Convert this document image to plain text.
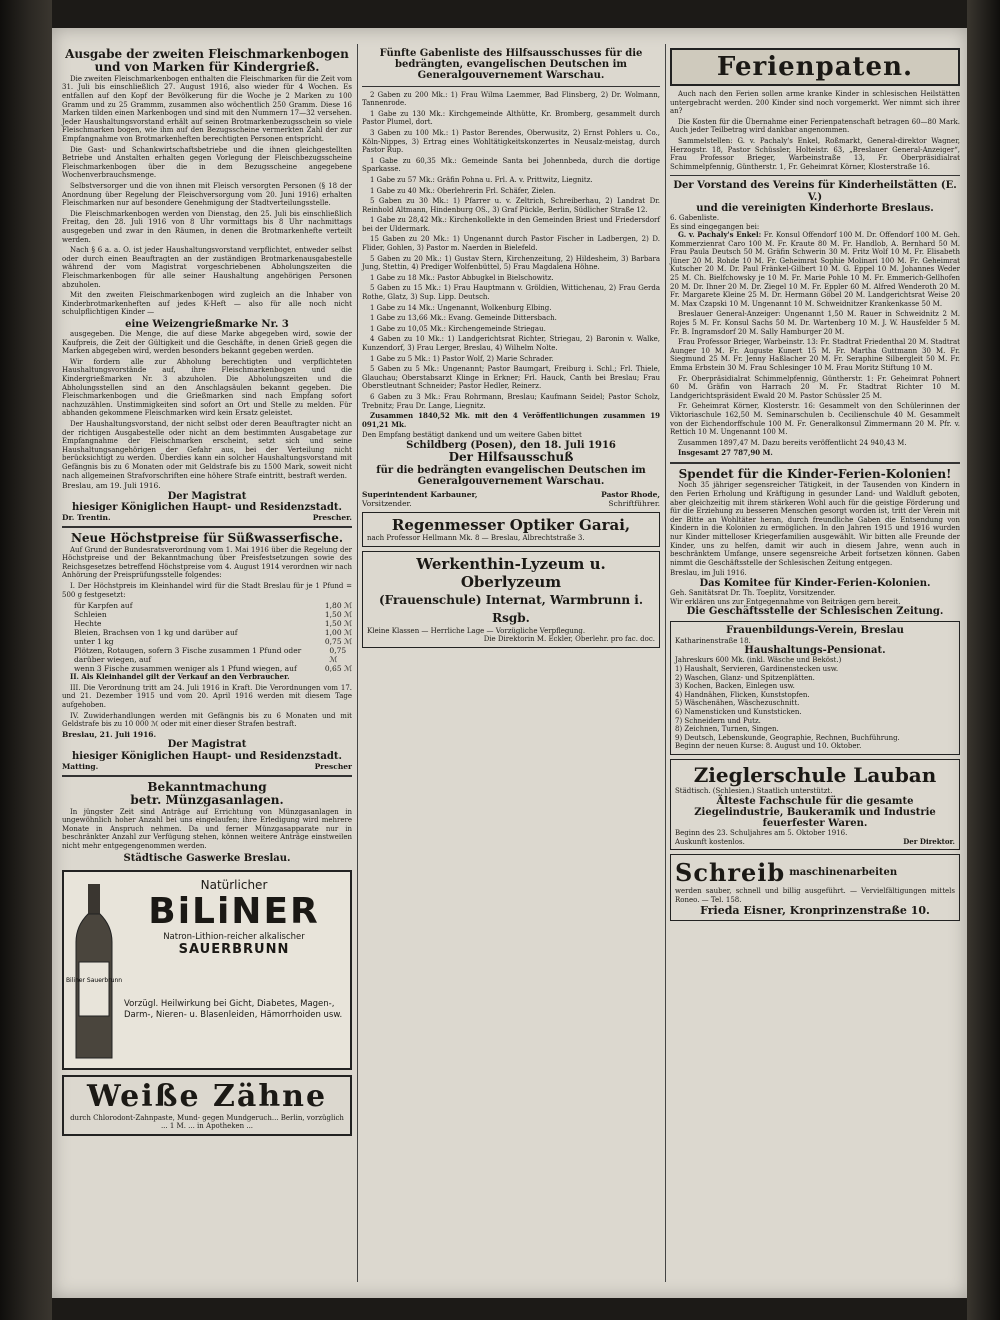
Ausgabe der zweiten Fleischmarkenbogen und von Marken für Kindergrieß.

Die zweiten Fleischmarkenbogen enthalten die Fleischmarken für die Zeit vom 31. Juli bis einschließlich 27. August 1916, also wieder für 4 Wochen. Es entfallen auf den Kopf der Bevölkerung für die Woche je 2 Marken zu 100 Gramm und zu 25 Grammm, zusammen also wöchentlich 250 Gramm. Diese 16 Marken tilden einen Markenbogen und sind mit den Nummern 17—32 versehen. Jeder Haushaltungsvorstand erhält auf seinen Brotmarkenbezugsschein so viele Fleischmarken bogen, wie ihm auf den Bezugsscheine vermerkten Zahl der zur Empfangnahme von Brotmarkenheften berechtigten Personen entspricht.

Die Gast- und Schankwirtschaftsbetriebe und die ihnen gleichgestellten Betriebe und Anstalten erhalten gegen Vorlegung der Fleischbezugsscheine Fleischmarkenbogen über die in dem Bezugsscheine angegebene Wochenverbrauchsmenge.

Selbstversorger und die von ihnen mit Fleisch versorgten Personen (§ 18 der Anordnung über Regelung der Fleischversorgung vom 20. Juni 1916) erhalten Fleischmarken nur auf besondere Genehmigung der Stadtverteilungsstelle.

Die Fleischmarkenbogen werden von Dienstag, den 25. Juli bis einschließlich Freitag, den 28. Juli 1916 von 8 Uhr vormittags bis 8 Uhr nachmittags ausgegeben und zwar in den Räumen, in denen die Brotmarkenhefte verteilt werden.

Nach § 6 a. a. O. ist jeder Haushaltungsvorstand verpflichtet, entweder selbst oder durch einen Beauftragten an der zuständigen Brotmarkenausgabestelle während der vom Magistrat vorgeschriebenen Abholungszeiten die Fleischmarkenbogen für alle seiner Haushaltung angehörigen Personen abzuholen.

Mit den zweiten Fleischmarkenbogen wird zugleich an die Inhaber von Kinderbrotmarkenheften auf jedes K-Heft — also für alle noch nicht schulpflichtigen Kinder —

eine Weizengrießmarke Nr. 3

ausgegeben. Die Menge, die auf diese Marke abgegeben wird, sowie der Kaufpreis, die Zeit der Gültigkeit und die Geschäfte, in denen Grieß gegen die Marken abgegeben wird, werden besonders bekannt gegeben werden.

Wir fordern alle zur Abholung berechtigten und verpflichteten Haushaltungsvorstände auf, ihre Fleischmarkenbogen und die Kindergrießmarken Nr. 3 abzuholen. Die Abholungszeiten und die Abholungsstellen sind an den Anschlagsäulen bekannt gegeben. Die Fleischmarkenbogen und die Grießmarken sind nach Empfang sofort nachzuzählen. Unstimmigkeiten sind sofort an Ort und Stelle zu melden. Für abhanden gekommene Fleischmarken wird kein Ersatz geleistet.

Der Haushaltungsvorstand, der nicht selbst oder deren Beauftragter nicht an der richtigen Ausgabestelle oder nicht an dem bestimmten Ausgabetage zur Empfangnahme der Fleischmarken erscheint, setzt sich und seine Haushaltungsangehörigen der Gefahr aus, bei der Verteilung nicht berücksichtigt zu werden. Überdies kann ein solcher Haushaltungsvorstand mit Gefängnis bis zu 6 Monaten oder mit Geldstrafe bis zu 1500 Mark, soweit nicht nach allgemeinen Strafvorschriften eine höhere Strafe eintritt, bestraft werden.

Breslau, am 19. Juli 1916.
Der Magistrat
hiesiger Königlichen Haupt- und Residenzstadt.
Dr. Trentin.	Prescher.
Neue Höchstpreise für Süßwasserfische.

Auf Grund der Bundesratsverordnung vom 1. Mai 1916 über die Regelung der Höchstpreise und der Bekanntmachung über Preisfestsetzungen sowie des Reichsgesetzes betreffend Höchstpreise vom 4. August 1914 verordnen wir nach Anhörung der Preisprüfungsstelle folgendes:

I. Der Höchstpreis im Kleinhandel wird für die Stadt Breslau für je 1 Pfund = 500 g festgesetzt:

für Karpfen auf	1,80 ℳ
Schleien	1,50 ℳ
Hechte	1,50 ℳ
Bleien, Brachsen von 1 kg und darüber auf	1,00 ℳ
unter 1 kg	0,75 ℳ
Plötzen, Rotaugen, sofern 3 Fische zusammen 1 Pfund oder darüber wiegen, auf
0,75 ℳ
wenn 3 Fische zusammen weniger als 1 Pfund wiegen, auf	0,65 ℳ

II. Als Kleinhandel gilt der Verkauf an den Verbraucher.

III. Die Verordnung tritt am 24. Juli 1916 in Kraft. Die Verordnungen vom 17. und 21. Dezember 1915 und vom 20. April 1916 werden mit diesem Tage aufgehoben.

IV. Zuwiderhandlungen werden mit Gefängnis bis zu 6 Monaten und mit Geldstrafe bis zu 10 000 ℳ oder mit einer dieser Strafen bestraft.

Breslau, 21. Juli 1916.
Der Magistrat
hiesiger Königlichen Haupt- und Residenzstadt.
Matting.	Prescher
Bekanntmachung
betr. Münzgasanlagen.

In jüngster Zeit sind Anträge auf Errichtung von Münzgasanlagen in ungewöhnlich hoher Anzahl bei uns eingelaufen; ihre Erledigung wird mehrere Monate in Anspruch nehmen. Da und ferner Münzgasapparate nur in beschränkter Anzahl zur Verfügung stehen, können weitere Anträge einstweilen nicht mehr entgegengenommen werden.

Städtische Gaswerke Breslau.
Biliner Sauerbrunn
Natürlicher
BiLiNER
Natron-Lithion-reicher alkalischer
SAUERBRUNN
Vorzügl. Heilwirkung bei Gicht, Diabetes, Magen-, Darm-, Nieren- u. Blasenleiden, Hämorrhoiden usw.
Weiße Zähne
durch Chlorodont-Zahnpaste, Mund- gegen Mundgeruch... Berlin, vorzüglich ... 1 M. ... in Apotheken ...
Fünfte Gabenliste des Hilfsausschusses für die bedrängten, evangelischen Deutschen im Generalgouvernement Warschau.

2 Gaben zu 200 Mk.: 1) Frau Wilma Laemmer, Bad Flinsberg, 2) Dr. Wolmann, Tannenrode.

1 Gabe zu 130 Mk.: Kirchgemeinde Althütte, Kr. Bromberg, gesammelt durch Pastor Plumel, dort.

3 Gaben zu 100 Mk.: 1) Pastor Berendes, Oberwusitz, 2) Ernst Pohlers u. Co., Köln-Nippes, 3) Ertrag eines Wohltätigkeitskonzertes in Neusalz-meistag, durch Pastor Rup.

1 Gabe zu 60,35 Mk.: Gemeinde Santa bei Johennbeda, durch die dortige Sparkasse.

1 Gabe zu 57 Mk.: Gräfin Pohna u. Frl. A. v. Prittwitz, Liegnitz.

1 Gabe zu 40 Mk.: Oberlehrerin Frl. Schäfer, Zielen.

5 Gaben zu 30 Mk.: 1) Pfarrer u. v. Zeltrich, Schreiberhau, 2) Landrat Dr. Reinhold Altmann, Hindenburg OS., 3) Graf Pückle, Berlin, Südlicher Straße 12.

1 Gabe zu 28,42 Mk.: Kirchenkollekte in den Gemeinden Briest und Friedersdorf bei der Uldermark.

15 Gaben zu 20 Mk.: 1) Ungenannt durch Pastor Fischer in Ladbergen, 2) D. Flider, Gohlen, 3) Pastor m. Naerden in Bielefeld.

5 Gaben zu 20 Mk.: 1) Gustav Stern, Kirchenzeitung, 2) Hildesheim, 3) Barbara Jung, Stettin, 4) Prediger Wolfenbüttel, 5) Frau Magdalena Höhne.

1 Gabe zu 18 Mk.: Pastor Abbugkel in Bielschowitz.

5 Gaben zu 15 Mk.: 1) Frau Hauptmann v. Gröldien, Wittichenau, 2) Frau Gerda Rothe, Glatz, 3) Sup. Lipp. Deutsch.

1 Gabe zu 14 Mk.: Ungenannt, Wolkenburg Elbing.

1 Gabe zu 13,66 Mk.: Evang. Gemeinde Dittersbach.

1 Gabe zu 10,05 Mk.: Kirchengemeinde Striegau.

4 Gaben zu 10 Mk.: 1) Landgerichtsrat Richter, Striegau, 2) Baronin v. Walke, Kunzendorf, 3) Frau Lerger, Breslau, 4) Wilhelm Nolte.

1 Gabe zu 5 Mk.: 1) Pastor Wolf, 2) Marie Schrader.

5 Gaben zu 5 Mk.: Ungenannt; Pastor Baumgart, Freiburg i. Schl.; Frl. Thiele, Glauchau; Oberstabsarzt Klinge in Erkner; Frl. Hauck, Canth bei Breslau; Frau Oberstleutnant Schneider; Pastor Hedler, Reinerz.

6 Gaben zu 3 Mk.: Frau Rohrmann, Breslau; Kaufmann Seidel; Pastor Scholz, Trebnitz; Frau Dr. Lange, Liegnitz.

Zusammen 1840,52 Mk. mit den 4 Veröffentlichungen zusammen 19 091,21 Mk.

Den Empfang bestätigt dankend und um weitere Gaben bittet
Schildberg (Posen), den 18. Juli 1916
Der Hilfsausschuß
für die bedrängten evangelischen Deutschen im Generalgouvernement Warschau.
Superintendent Karbauner,
Vorsitzender.
Pastor Rhode,
Schriftführer.
Regenmesser Optiker Garai,
nach Professor Hellmann Mk. 8 — Breslau, Albrechtstraße 3.
Werkenthin-Lyzeum u. Oberlyzeum
(Frauenschule) Internat, Warmbrunn i. Rsgb.
Kleine Klassen — Herrliche Lage — Vorzügliche Verpflegung.
Die Direktorin M. Eckler, Oberlehr. pro fac. doc.
Ferienpaten.

Auch nach den Ferien sollen arme kranke Kinder in schlesischen Heilstätten untergebracht werden. 200 Kinder sind noch vorgemerkt. Wer nimmt sich ihrer an?

Die Kosten für die Übernahme einer Ferienpatenschaft betragen 60—80 Mark. Auch jeder Teilbetrag wird dankbar angenommen.

Sammelstellen: G. v. Pachaly's Enkel, Roßmarkt, General-direktor Wagner, Herzogstr. 18, Pastor Schüssler, Holteistr. 63, „Breslauer General-Anzeiger“, Frau Professor Brieger, Warbeinstraße 13, Fr. Oberpräsidialrat Schimmelpfennig, Güntherstr. 1, Fr. Geheimrat Körner, Klosterstraße 16.

Der Vorstand des Vereins für Kinderheilstätten (E. V.)
und die vereinigten Kinderhorte Breslaus.
6. Gabenliste.
Es sind eingegangen bei:

G. v. Pachaly's Enkel: Fr. Konsul Offendorf 100 M. Dr. Offendorf 100 M. Geh. Kommerzienrat Caro 100 M. Fr. Kraute 80 M. Fr. Handlob, A. Bernhard 50 M. Frau Paula Deutsch 50 M. Gräfin Schwerin 30 M. Fritz Wolf 10 M. Fr. Elisabeth Jüner 20 M. Rohde 10 M. Fr. Geheimrat Sophie Molinari 100 M. Fr. Geheimrat Kutscher 20 M. Dr. Paul Fränkel-Gilbert 10 M. G. Eppel 10 M. Johannes Weder 25 M. Ch. Bielfchowsky je 10 M. Fr. Marie Pohle 10 M. Fr. Emmerich-Gellhofen 20 M. Dr. Ihner 20 M. Dr. Ziegel 10 M. Fr. Eppler 60 M. Alfred Wenderoth 20 M. Fr. Margarete Kleine 25 M. Dr. Hermann Göbel 20 M. Landgerichtsrat Weise 20 M. Max Czapski 10 M. Ungenannt 10 M. Schweidnitzer Krankenkasse 50 M.

Breslauer General-Anzeiger: Ungenannt 1,50 M. Rauer in Schweidnitz 2 M. Rojes 5 M. Fr. Konsul Sachs 50 M. Dr. Wartenberg 10 M. J. W. Hausfelder 5 M. Fr. B. Ingramsdorf 20 M. Sally Hamburger 20 M.

Frau Professor Brieger, Warbeinstr. 13: Fr. Stadtrat Friedenthal 20 M. Stadtrat Aunger 10 M. Fr. Auguste Kunert 15 M. Fr. Martha Guttmann 30 M. Fr. Siegmund 25 M. Fr. Jenny Haßlacher 20 M. Fr. Seraphine Silbergleit 50 M. Fr. Emma Erbstein 30 M. Frau Schlesinger 10 M. Frau Moritz Stiftung 10 M.

Fr. Oberpräsidialrat Schimmelpfennig, Güntherstr. 1: Fr. Geheimrat Pohnert 60 M. Gräfin von Harrach 20 M. Fr. Stadtrat Richter 10 M. Landgerichtspräsident Ewald 20 M. Pastor Schüssler 25 M.

Fr. Geheimrat Körner, Klosterstr. 16: Gesammelt von den Schülerinnen der Viktoriaschule 162,50 M. Seminarschulen b. Cecilienschule 40 M. Gesammelt von der Eichendorffschule 100 M. Fr. Generalkonsul Zimmermann 20 M. Pfr. v. Rettich 10 M. Ungenannt 100 M.

Zusammen 1897,47 M. Dazu bereits veröffentlicht 24 940,43 M.

Insgesamt 27 787,90 M.

Spendet für die Kinder-Ferien-Kolonien!

Noch 35 jähriger segensreicher Tätigkeit, in der Tausenden von Kindern in den Ferien Erholung und Kräftigung in gesunder Land- und Waldluft geboten, aber gleichzeitig mit ihrem stärkeren Wohl auch für die geistige Förderung und für die Erziehung zu besseren Menschen gesorgt worden ist, tritt der Verein mit der Bitte an Wohltäter heran, durch freundliche Gaben die Entsendung von Kindern in die Kolonien zu ermöglichen. In den Jahren 1915 und 1916 wurden nur Kinder mittelloser Kriegerfamilien ausgewählt. Wir bitten alle Freunde der Kinder, uns zu helfen, damit wir auch in diesem Jahre, wenn auch in beschränktem Umfange, unsere segensreiche Arbeit fortsetzen können. Gaben nimmt die Geschäftsstelle der Schlesischen Zeitung entgegen.

Breslau, im Juli 1916.
Das Komitee für Kinder-Ferien-Kolonien.
Geh. Sanitätsrat Dr. Th. Toeplitz, Vorsitzender.
Wir erklären uns zur Entgegennahme von Beiträgen gern bereit.
Die Geschäftsstelle der Schlesischen Zeitung.
Frauenbildungs-Verein, Breslau
Katharinenstraße 18.
Haushaltungs-Pensionat.
Jahreskurs 600 Mk. (inkl. Wäsche und Beköst.)
1) Haushalt, Servieren, Gardinenstecken usw.
2) Waschen, Glanz- und Spitzenplätten.
3) Kochen, Backen, Einlegen usw.
4) Handnähen, Flicken, Kunststopfen.
5) Wäschenähen, Wäschezuschnitt.
6) Namensticken und Kunststicken.
7) Schneidern und Putz.
8) Zeichnen, Turnen, Singen.
9) Deutsch, Lebenskunde, Geographie, Rechnen, Buchführung.
Beginn der neuen Kurse: 8. August und 10. Oktober.
Zieglerschule Lauban
Städtisch. (Schlesien.) Staatlich unterstützt.
Älteste Fachschule für die gesamte Ziegelindustrie, Baukeramik und Industrie feuerfester Waren.
Beginn des 23. Schuljahres am 5. Oktober 1916.
Auskunft kostenlos.	Der Direktor.
Schreib maschinenarbeiten
werden sauber, schnell und billig ausgeführt. — Vervielfältigungen mittels Roneo. — Tel. 158.
Frieda Eisner, Kronprinzenstraße 10.
